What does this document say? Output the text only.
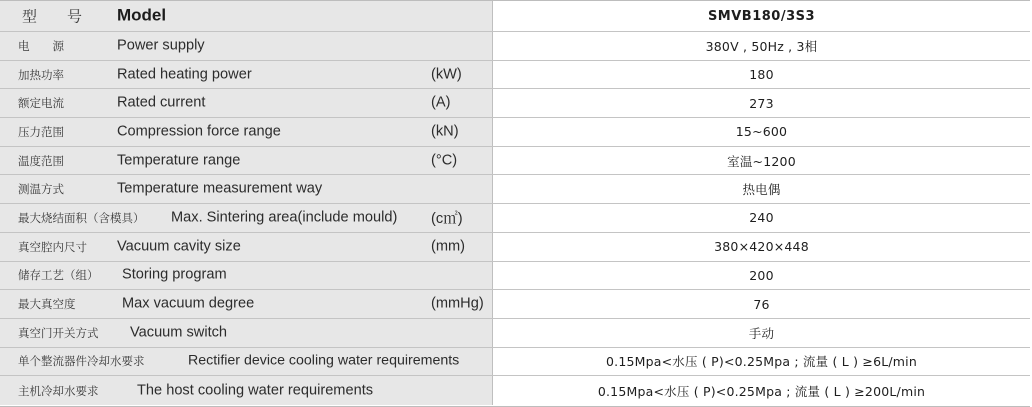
型　　号 Model	SMVB180/3S3
电　　源	Power supply	380V , 50Hz , 3相
加热功率	Rated heating power	(kW)	180
额定电流	Rated current	(A)	273
压力范围	Compression force range	(kN)	15~600
温度范围	Temperature range	(°C)	室温~1200
测温方式	Temperature measurement way	热电偶
最大烧结面积（含模具） Max. Sintering area(include mould) (c㎡)	240
真空腔内尺寸 Vacuum cavity size	(mm)	380×420×448
储存工艺（组） Storing program	200
最大真空度	Max vacuum degree	(mmHg)	76
真空门开关方式 Vacuum switch	手动
单个整流器件冷却水要求	Rectifier device cooling water requirements	0.15Mpa<水压 ( P)<0.25Mpa ; 流量 ( L ) ≥6L/min
主机冷却水要求	The host cooling water requirements	0.15Mpa<水压 ( P)<0.25Mpa ; 流量 ( L ) ≥200L/min
